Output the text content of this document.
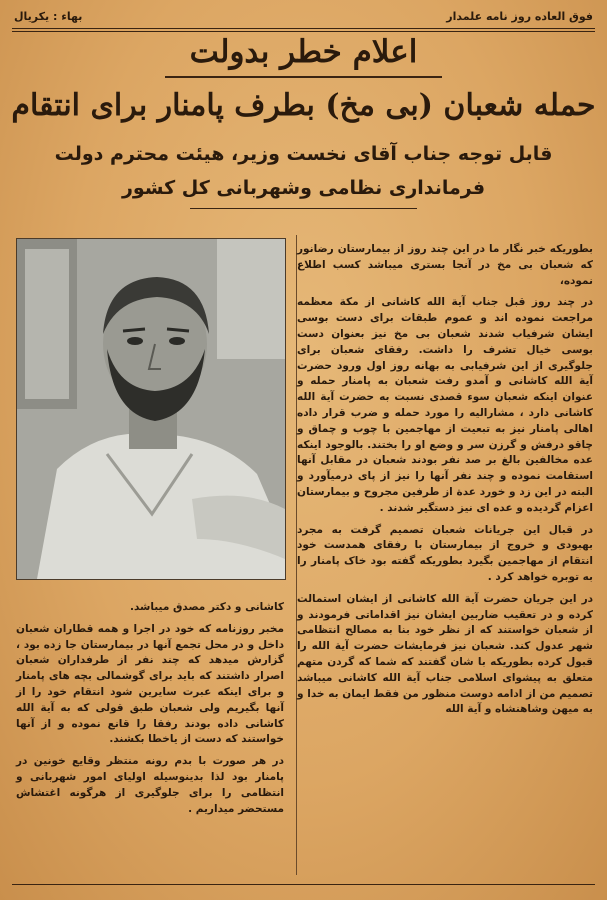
فوق العاده روز نامه علمدار
بهاء : یکریال
اعلام خطر بدولت
حمله شعبان (بی مخ) بطرف پامنار برای انتقام
قابل توجه جناب آقای نخست وزیر، هیئت محترم دولت
فرمانداری نظامی وشهربانی کل کشور

بطوریکه خبر نگار ما در این چند روز از بیمارستان رضانور که شعبان بی مخ در آنجا بستری میباشد کسب اطلاع نموده،

در چند روز قبل جناب آیة الله کاشانی از مکة معظمه مراجعت نموده اند و عموم طبقات برای دست بوسی ایشان شرفیاب شدند شعبان بی مخ نیز بعنوان دست بوسی خیال تشرف را داشت. رفقای شعبان برای جلوگیری از این شرفیابی به بهانه روز اول ورود حضرت آیة الله کاشانی و آمدو رفت شعبان به پامنار حمله و عنوان اینکه شعبان سوء قصدی نسبت به حضرت آیة الله کاشانی دارد ، مشارالیه را مورد حمله و ضرب قرار داده اهالی پامنار نیز به تبعیت از مهاجمین با چوب و چماق و چاقو درفش و گرزن سر و وضع او را بختند. بالوجود اینکه عده مخالفین بالغ بر صد نفر بودند شعبان در مقابل آنها استقامت نموده و چند نفر آنها را نیز از پای درمیآورد و البته در این زد و خورد عدة از طرفین مجروح و بیمارستان اعزام گردیده و عده ای نیز دستگیر شدند .

در قبال این جریانات شعبان تصمیم گرفت به مجرد بهبودی و خروج از بیمارستان با رفقای همدست خود انتقام از مهاجمین بگیرد بطوریکه گفته بود خاک پامنار را به توبره خواهد کرد .

در این جریان حضرت آیة الله کاشانی از ایشان استمالت کرده و در تعقیب ضاربین ایشان نیز اقداماتی فرمودند و از شعبان خواستند که از نظر خود بنا به مصالح انتظامی شهر عدول کند. شعبان نیز فرمایشات حضرت آیة الله را قبول کرده بطوریکه با شان گفتند که شما که گردن متهم متعلق به پیشوای اسلامی جناب آیة الله کاشانی میباشد تصمیم من از ادامه دوست منظور من فقط ایمان به خدا و به میهن وشاهنشاه و آیة الله

کاشانی و دکتر مصدق میباشد.

مخبر روزنامه که خود در اجرا و همه قطاران شعبان داخل و در محل تجمع آنها در بیمارستان جا زده بود ، گزارش میدهد که چند نفر از طرفداران شعبان اصرار داشتند که باید برای گوشمالی بچه های پامنار و برای اینکه عبرت سایرین شود انتقام خود را از آنها بگیریم ولی شعبان طبق قولی که به آیة الله کاشانی داده بودند رفقا را قانع نموده و از آنها خواستند که دست از یاخطا بکشند.

در هر صورت با بدم رونه منتظر وقایع خونین در پامنار بود لذا بدینوسیله اولیای امور شهربانی و انتظامی را برای جلوگیری از هرگونه اغتشاش مستحضر میداریم .
